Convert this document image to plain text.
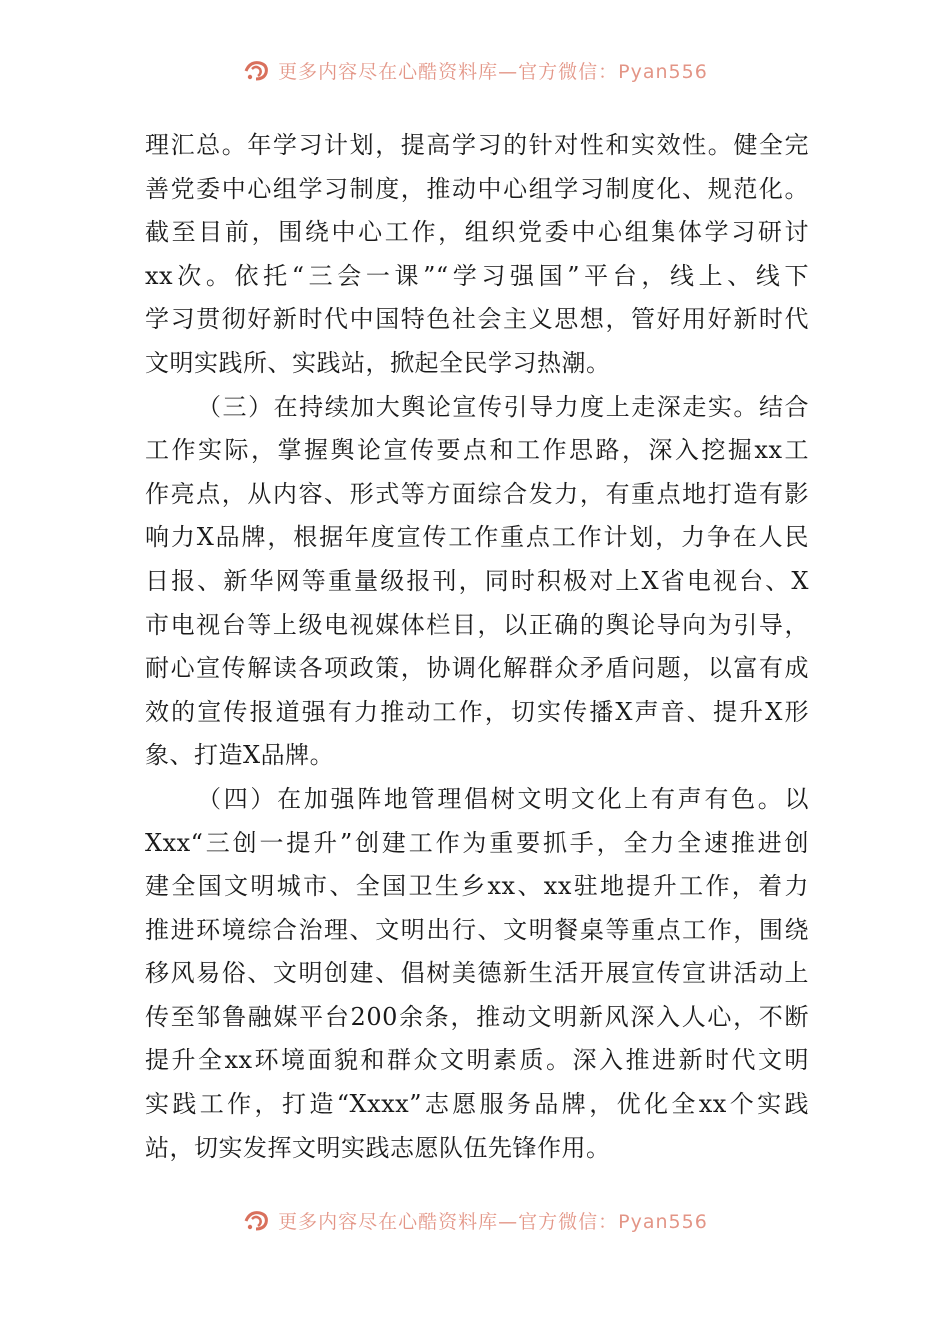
更多内容尽在心酷资料库—官方微信：Pyan556
理汇总。年学习计划，提高学习的针对性和实效性。健全完
善党委中心组学习制度，推动中心组学习制度化、规范化。
截至目前，围绕中心工作，组织党委中心组集体学习研讨
xx次。依托“三会一课”“学习强国”平台，线上、线下
学习贯彻好新时代中国特色社会主义思想，管好用好新时代
文明实践所、实践站，掀起全民学习热潮。
（三）在持续加大舆论宣传引导力度上走深走实。结合
工作实际，掌握舆论宣传要点和工作思路，深入挖掘xx工
作亮点，从内容、形式等方面综合发力，有重点地打造有影
响力X品牌，根据年度宣传工作重点工作计划，力争在人民
日报、新华网等重量级报刊，同时积极对上X省电视台、X
市电视台等上级电视媒体栏目，以正确的舆论导向为引导，
耐心宣传解读各项政策，协调化解群众矛盾问题，以富有成
效的宣传报道强有力推动工作，切实传播X声音、提升X形
象、打造X品牌。
（四）在加强阵地管理倡树文明文化上有声有色。以
Xxx“三创一提升”创建工作为重要抓手，全力全速推进创
建全国文明城市、全国卫生乡xx、xx驻地提升工作，着力
推进环境综合治理、文明出行、文明餐桌等重点工作，围绕
移风易俗、文明创建、倡树美德新生活开展宣传宣讲活动上
传至邹鲁融媒平台200余条，推动文明新风深入人心，不断
提升全xx环境面貌和群众文明素质。深入推进新时代文明
实践工作，打造“Xxxx”志愿服务品牌，优化全xx个实践
站，切实发挥文明实践志愿队伍先锋作用。
更多内容尽在心酷资料库—官方微信：Pyan556
